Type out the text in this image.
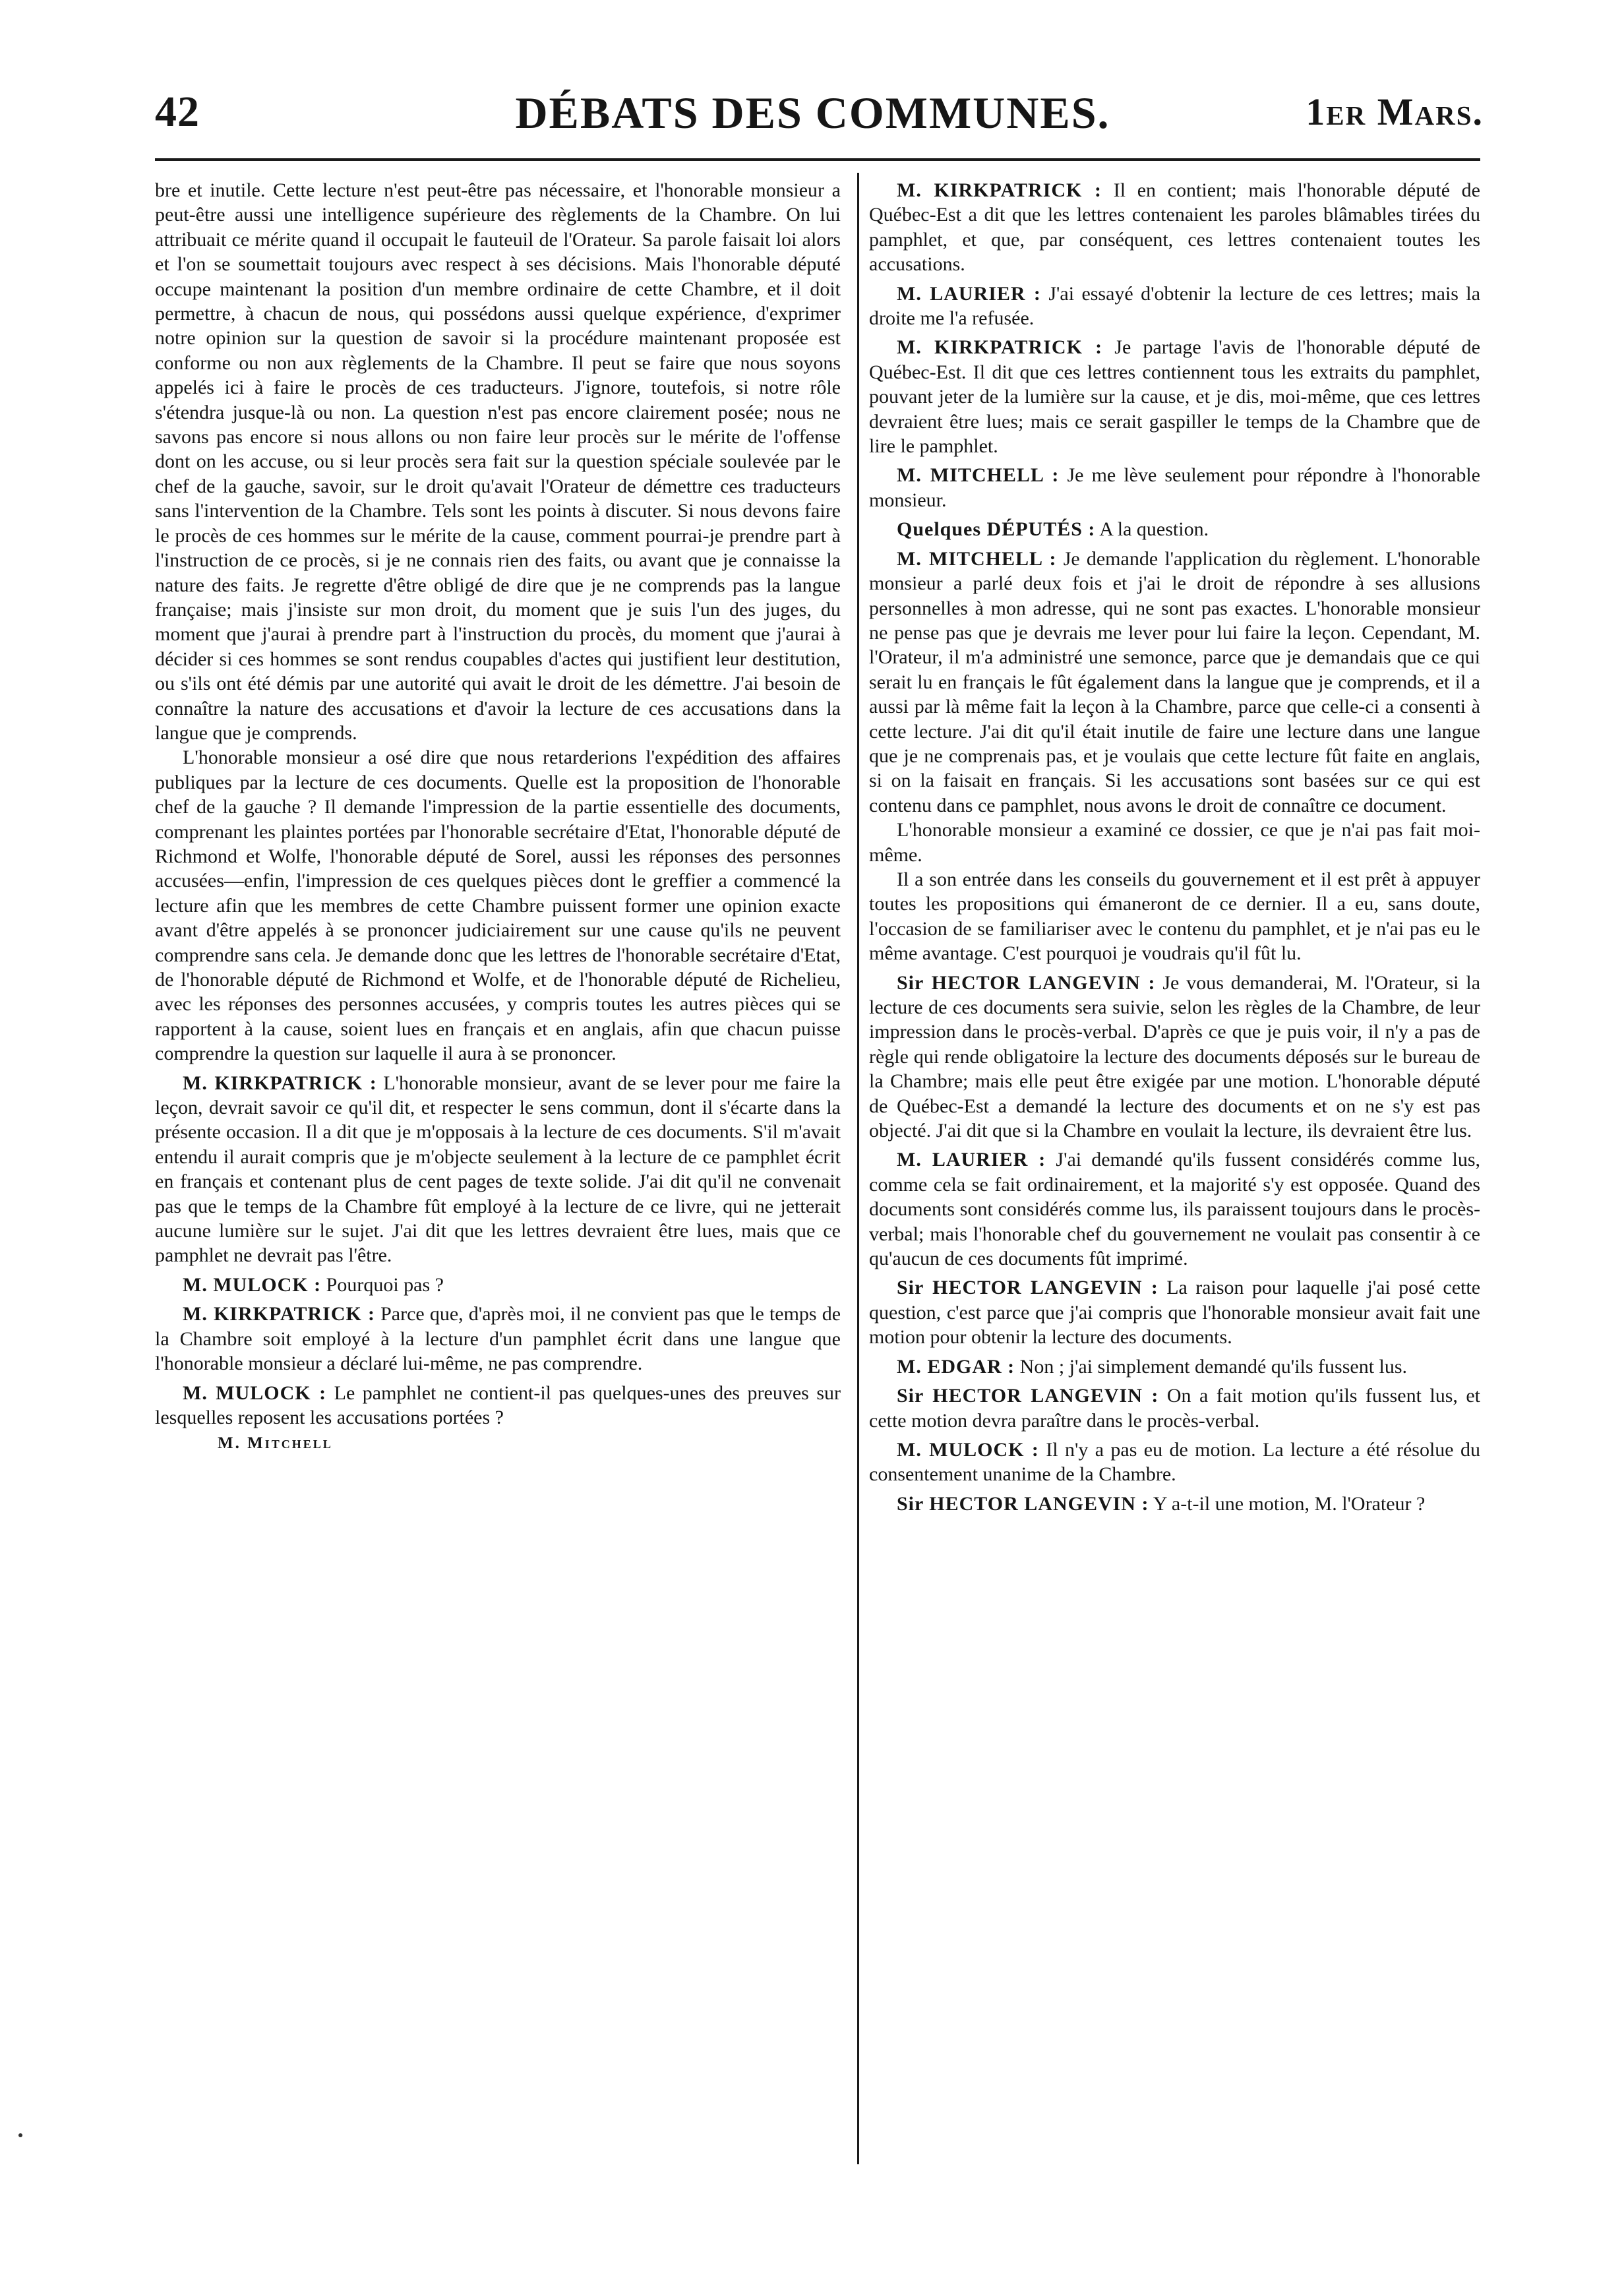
42	DÉBATS DES COMMUNES.	1er Mars.

bre et inutile. Cette lecture n'est peut-être pas nécessaire, et l'honorable monsieur a peut-être aussi une intelligence supérieure des règlements de la Chambre. On lui attribuait ce mérite quand il occupait le fauteuil de l'Orateur. Sa parole faisait loi alors et l'on se soumettait toujours avec respect à ses décisions. Mais l'honorable député occupe maintenant la position d'un membre ordinaire de cette Chambre, et il doit permettre, à chacun de nous, qui possédons aussi quelque expérience, d'exprimer notre opinion sur la question de savoir si la procédure maintenant proposée est conforme ou non aux règlements de la Chambre. Il peut se faire que nous soyons appelés ici à faire le procès de ces traducteurs. J'ignore, toutefois, si notre rôle s'étendra jusque-là ou non. La question n'est pas encore clairement posée; nous ne savons pas encore si nous allons ou non faire leur procès sur le mérite de l'offense dont on les accuse, ou si leur procès sera fait sur la question spéciale soulevée par le chef de la gauche, savoir, sur le droit qu'avait l'Orateur de démettre ces traducteurs sans l'intervention de la Chambre. Tels sont les points à discuter. Si nous devons faire le procès de ces hommes sur le mérite de la cause, comment pourrai-je prendre part à l'instruction de ce procès, si je ne connais rien des faits, ou avant que je connaisse la nature des faits. Je regrette d'être obligé de dire que je ne comprends pas la langue française; mais j'insiste sur mon droit, du moment que je suis l'un des juges, du moment que j'aurai à prendre part à l'instruction du procès, du moment que j'aurai à décider si ces hommes se sont rendus coupables d'actes qui justifient leur destitution, ou s'ils ont été démis par une autorité qui avait le droit de les démettre. J'ai besoin de connaître la nature des accusations et d'avoir la lecture de ces accusations dans la langue que je comprends.

L'honorable monsieur a osé dire que nous retarderions l'expédition des affaires publiques par la lecture de ces documents. Quelle est la proposition de l'honorable chef de la gauche ? Il demande l'impression de la partie essentielle des documents, comprenant les plaintes portées par l'honorable secrétaire d'Etat, l'honorable député de Richmond et Wolfe, l'honorable député de Sorel, aussi les réponses des personnes accusées—enfin, l'impression de ces quelques pièces dont le greffier a commencé la lecture afin que les membres de cette Chambre puissent former une opinion exacte avant d'être appelés à se prononcer judiciairement sur une cause qu'ils ne peuvent comprendre sans cela. Je demande donc que les lettres de l'honorable secrétaire d'Etat, de l'honorable député de Richmond et Wolfe, et de l'honorable député de Richelieu, avec les réponses des personnes accusées, y compris toutes les autres pièces qui se rapportent à la cause, soient lues en français et en anglais, afin que chacun puisse comprendre la question sur laquelle il aura à se prononcer.

M. KIRKPATRICK : L'honorable monsieur, avant de se lever pour me faire la leçon, devrait savoir ce qu'il dit, et respecter le sens commun, dont il s'écarte dans la présente occasion. Il a dit que je m'opposais à la lecture de ces documents. S'il m'avait entendu il aurait compris que je m'objecte seulement à la lecture de ce pamphlet écrit en français et contenant plus de cent pages de texte solide. J'ai dit qu'il ne convenait pas que le temps de la Chambre fût employé à la lecture de ce livre, qui ne jetterait aucune lumière sur le sujet. J'ai dit que les lettres devraient être lues, mais que ce pamphlet ne devrait pas l'être.

M. MULOCK : Pourquoi pas ?

M. KIRKPATRICK : Parce que, d'après moi, il ne convient pas que le temps de la Chambre soit employé à la lecture d'un pamphlet écrit dans une langue que l'honorable monsieur a déclaré lui-même, ne pas comprendre.

M. MULOCK : Le pamphlet ne contient-il pas quelques-unes des preuves sur lesquelles reposent les accusations portées ?

M. Mitchell

M. KIRKPATRICK : Il en contient; mais l'honorable député de Québec-Est a dit que les lettres contenaient les paroles blâmables tirées du pamphlet, et que, par conséquent, ces lettres contenaient toutes les accusations.

M. LAURIER : J'ai essayé d'obtenir la lecture de ces lettres; mais la droite me l'a refusée.

M. KIRKPATRICK : Je partage l'avis de l'honorable député de Québec-Est. Il dit que ces lettres contiennent tous les extraits du pamphlet, pouvant jeter de la lumière sur la cause, et je dis, moi-même, que ces lettres devraient être lues; mais ce serait gaspiller le temps de la Chambre que de lire le pamphlet.

M. MITCHELL : Je me lève seulement pour répondre à l'honorable monsieur.

Quelques DÉPUTÉS : A la question.

M. MITCHELL : Je demande l'application du règlement. L'honorable monsieur a parlé deux fois et j'ai le droit de répondre à ses allusions personnelles à mon adresse, qui ne sont pas exactes. L'honorable monsieur ne pense pas que je devrais me lever pour lui faire la leçon. Cependant, M. l'Orateur, il m'a administré une semonce, parce que je demandais que ce qui serait lu en français le fût également dans la langue que je comprends, et il a aussi par là même fait la leçon à la Chambre, parce que celle-ci a consenti à cette lecture. J'ai dit qu'il était inutile de faire une lecture dans une langue que je ne comprenais pas, et je voulais que cette lecture fût faite en anglais, si on la faisait en français. Si les accusations sont basées sur ce qui est contenu dans ce pamphlet, nous avons le droit de connaître ce document.

L'honorable monsieur a examiné ce dossier, ce que je n'ai pas fait moi-même.

Il a son entrée dans les conseils du gouvernement et il est prêt à appuyer toutes les propositions qui émaneront de ce dernier. Il a eu, sans doute, l'occasion de se familiariser avec le contenu du pamphlet, et je n'ai pas eu le même avantage. C'est pourquoi je voudrais qu'il fût lu.

Sir HECTOR LANGEVIN : Je vous demanderai, M. l'Orateur, si la lecture de ces documents sera suivie, selon les règles de la Chambre, de leur impression dans le procès-verbal. D'après ce que je puis voir, il n'y a pas de règle qui rende obligatoire la lecture des documents déposés sur le bureau de la Chambre; mais elle peut être exigée par une motion. L'honorable député de Québec-Est a demandé la lecture des documents et on ne s'y est pas objecté. J'ai dit que si la Chambre en voulait la lecture, ils devraient être lus.

M. LAURIER : J'ai demandé qu'ils fussent considérés comme lus, comme cela se fait ordinairement, et la majorité s'y est opposée. Quand des documents sont considérés comme lus, ils paraissent toujours dans le procès-verbal; mais l'honorable chef du gouvernement ne voulait pas consentir à ce qu'aucun de ces documents fût imprimé.

Sir HECTOR LANGEVIN : La raison pour laquelle j'ai posé cette question, c'est parce que j'ai compris que l'honorable monsieur avait fait une motion pour obtenir la lecture des documents.

M. EDGAR : Non ; j'ai simplement demandé qu'ils fussent lus.

Sir HECTOR LANGEVIN : On a fait motion qu'ils fussent lus, et cette motion devra paraître dans le procès-verbal.

M. MULOCK : Il n'y a pas eu de motion. La lecture a été résolue du consentement unanime de la Chambre.

Sir HECTOR LANGEVIN : Y a-t-il une motion, M. l'Orateur ?
